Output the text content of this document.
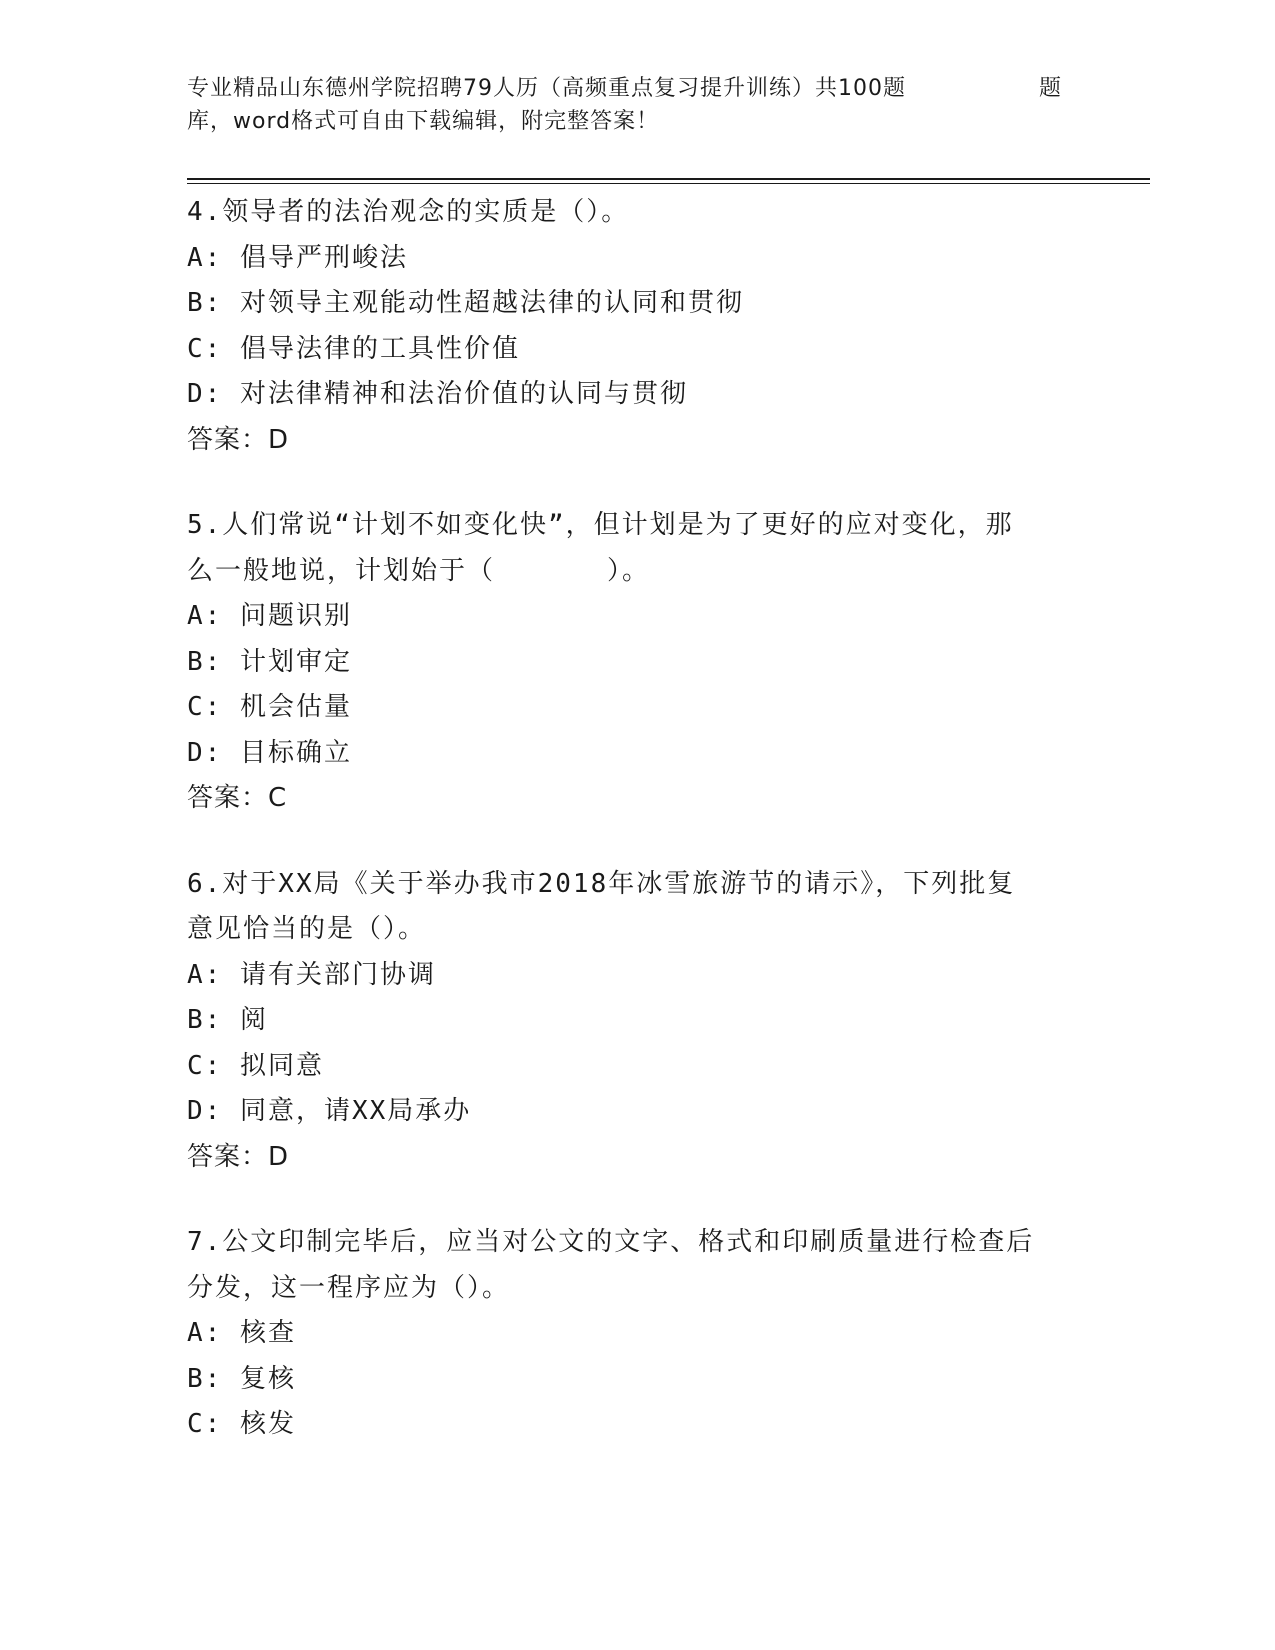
专业精品山东德州学院招聘79人历（高频重点复习提升训练）共100题
库，word格式可自由下载编辑，附完整答案！
题
4.领导者的法治观念的实质是（）。
A: 倡导严刑峻法
B: 对领导主观能动性超越法律的认同和贯彻
C: 倡导法律的工具性价值
D: 对法律精神和法治价值的认同与贯彻
答案：D
5.人们常说“计划不如变化快”，但计划是为了更好的应对变化，那
么一般地说，计划始于（　　　　）。
A: 问题识别
B: 计划审定
C: 机会估量
D: 目标确立
答案：C
6.对于XX局《关于举办我市2018年冰雪旅游节的请示》，下列批复
意见恰当的是（）。
A: 请有关部门协调
B: 阅
C: 拟同意
D: 同意，请XX局承办
答案：D
7.公文印制完毕后，应当对公文的文字、格式和印刷质量进行检查后
分发，这一程序应为（）。
A: 核查
B: 复核
C: 核发
